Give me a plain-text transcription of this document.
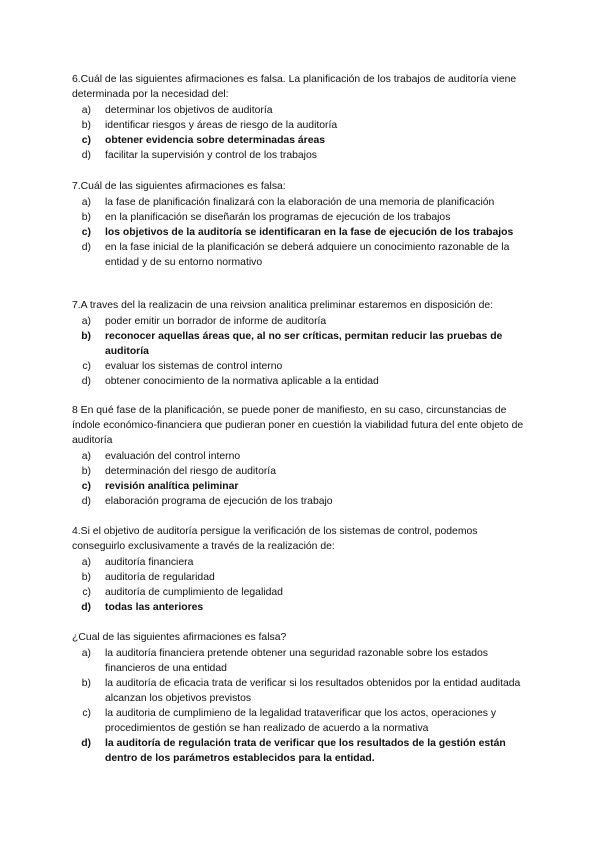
6.Cuál de las siguientes afirmaciones es falsa. La planificación de los trabajos de auditoría viene determinada por la necesidad del:
a)	determinar los objetivos de auditoría
b)	identificar riesgos y áreas de riesgo de la auditoría
c)	obtener evidencia sobre determinadas áreas
d)	facilitar la supervisión y control de los trabajos
7.Cuál de las siguientes afirmaciones es falsa:
a)	la fase de planificación finalizará con la elaboración de una memoria de planificación
b)	en la planificación se diseñarán los programas de ejecución de los trabajos
c)	los objetivos de la auditoría se identificaran en la fase de ejecución de los trabajos
d)	en la fase inicial de la planificación se deberá adquiere un conocimiento razonable de la entidad y de su entorno normativo
7.A traves del la realizacin de una reivsion analitica preliminar estaremos en disposición de:
a)	poder emitir un borrador de informe de auditoría
b)	reconocer aquellas áreas que, al no ser críticas, permitan reducir las pruebas de auditoría
c)	evaluar los sistemas de control interno
d)	obtener conocimiento de la normativa aplicable a la entidad
8 En qué fase de la planificación, se puede poner de manifiesto, en su caso, circunstancias de índole económico-financiera que pudieran poner en cuestión la viabilidad futura del ente objeto de auditoría
a)	evaluación del control interno
b)	determinación del riesgo de auditoría
c)	revisión analítica peliminar
d)	elaboración programa de ejecución de los trabajo
4.Si el objetivo de auditoría persigue la verificación de los sistemas de control, podemos conseguirlo exclusivamente a través de la realización de:
a)	auditoría financiera
b)	auditoría de regularidad
c)	auditoría de cumplimiento de legalidad
d)	todas las anteriores
¿Cual de las siguientes afirmaciones es falsa?
a)	la auditoría financiera pretende obtener una seguridad razonable sobre los estados financieros de una entidad
b)	la auditoría de eficacia trata de verificar si los resultados obtenidos por la entidad auditada alcanzan los objetivos previstos
c)	la auditoria de cumplimieno de la legalidad trataverificar que los actos, operaciones y procedimientos de gestión se han realizado de acuerdo a la normativa
d)	la auditoría de regulación trata de verificar que los resultados de la gestión están dentro de los parámetros establecidos para la entidad.
